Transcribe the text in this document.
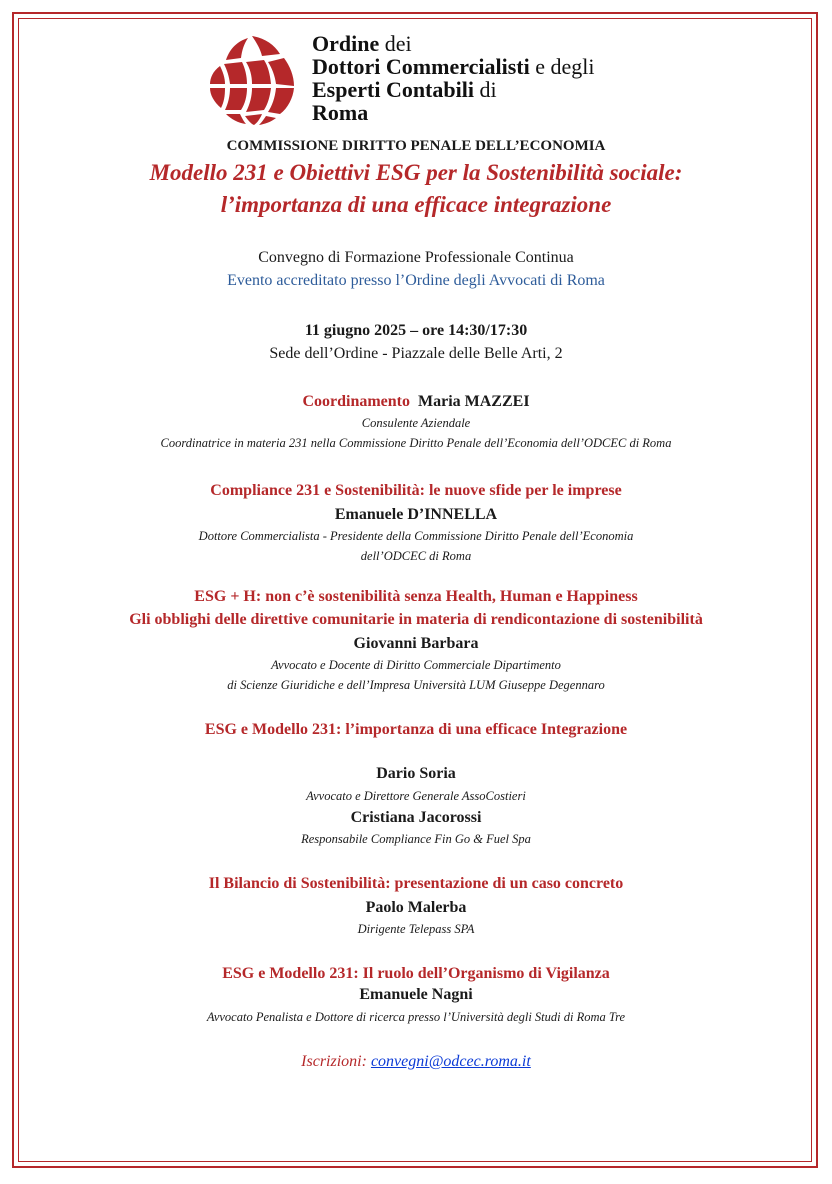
Ordine dei
Dottori Commercialisti e degli
Esperti Contabili di
Roma
COMMISSIONE DIRITTO PENALE DELL’ECONOMIA
Modello 231 e Obiettivi ESG per la Sostenibilità sociale:
l’importanza di una efficace integrazione
Convegno di Formazione Professionale Continua
Evento accreditato presso l’Ordine degli Avvocati di Roma
11 giugno 2025 – ore 14:30/17:30
Sede dell’Ordine - Piazzale delle Belle Arti, 2
Coordinamento Maria MAZZEI
Consulente Aziendale
Coordinatrice in materia 231 nella Commissione Diritto Penale dell’Economia dell’ODCEC di Roma
Compliance 231 e Sostenibilità: le nuove sfide per le imprese
Emanuele D’INNELLA
Dottore Commercialista - Presidente della Commissione Diritto Penale dell’Economia
dell’ODCEC di Roma
ESG + H: non c’è sostenibilità senza Health, Human e Happiness
Gli obblighi delle direttive comunitarie in materia di rendicontazione di sostenibilità
Giovanni Barbara
Avvocato e Docente di Diritto Commerciale Dipartimento
di Scienze Giuridiche e dell’Impresa Università LUM Giuseppe Degennaro
ESG e Modello 231: l’importanza di una efficace Integrazione
Dario Soria
Avvocato e Direttore Generale AssoCostieri
Cristiana Jacorossi
Responsabile Compliance Fin Go & Fuel Spa
Il Bilancio di Sostenibilità: presentazione di un caso concreto
Paolo Malerba
Dirigente Telepass SPA
ESG e Modello 231: Il ruolo dell’Organismo di Vigilanza
Emanuele Nagni
Avvocato Penalista e Dottore di ricerca presso l’Università degli Studi di Roma Tre
Iscrizioni: convegni@odcec.roma.it
